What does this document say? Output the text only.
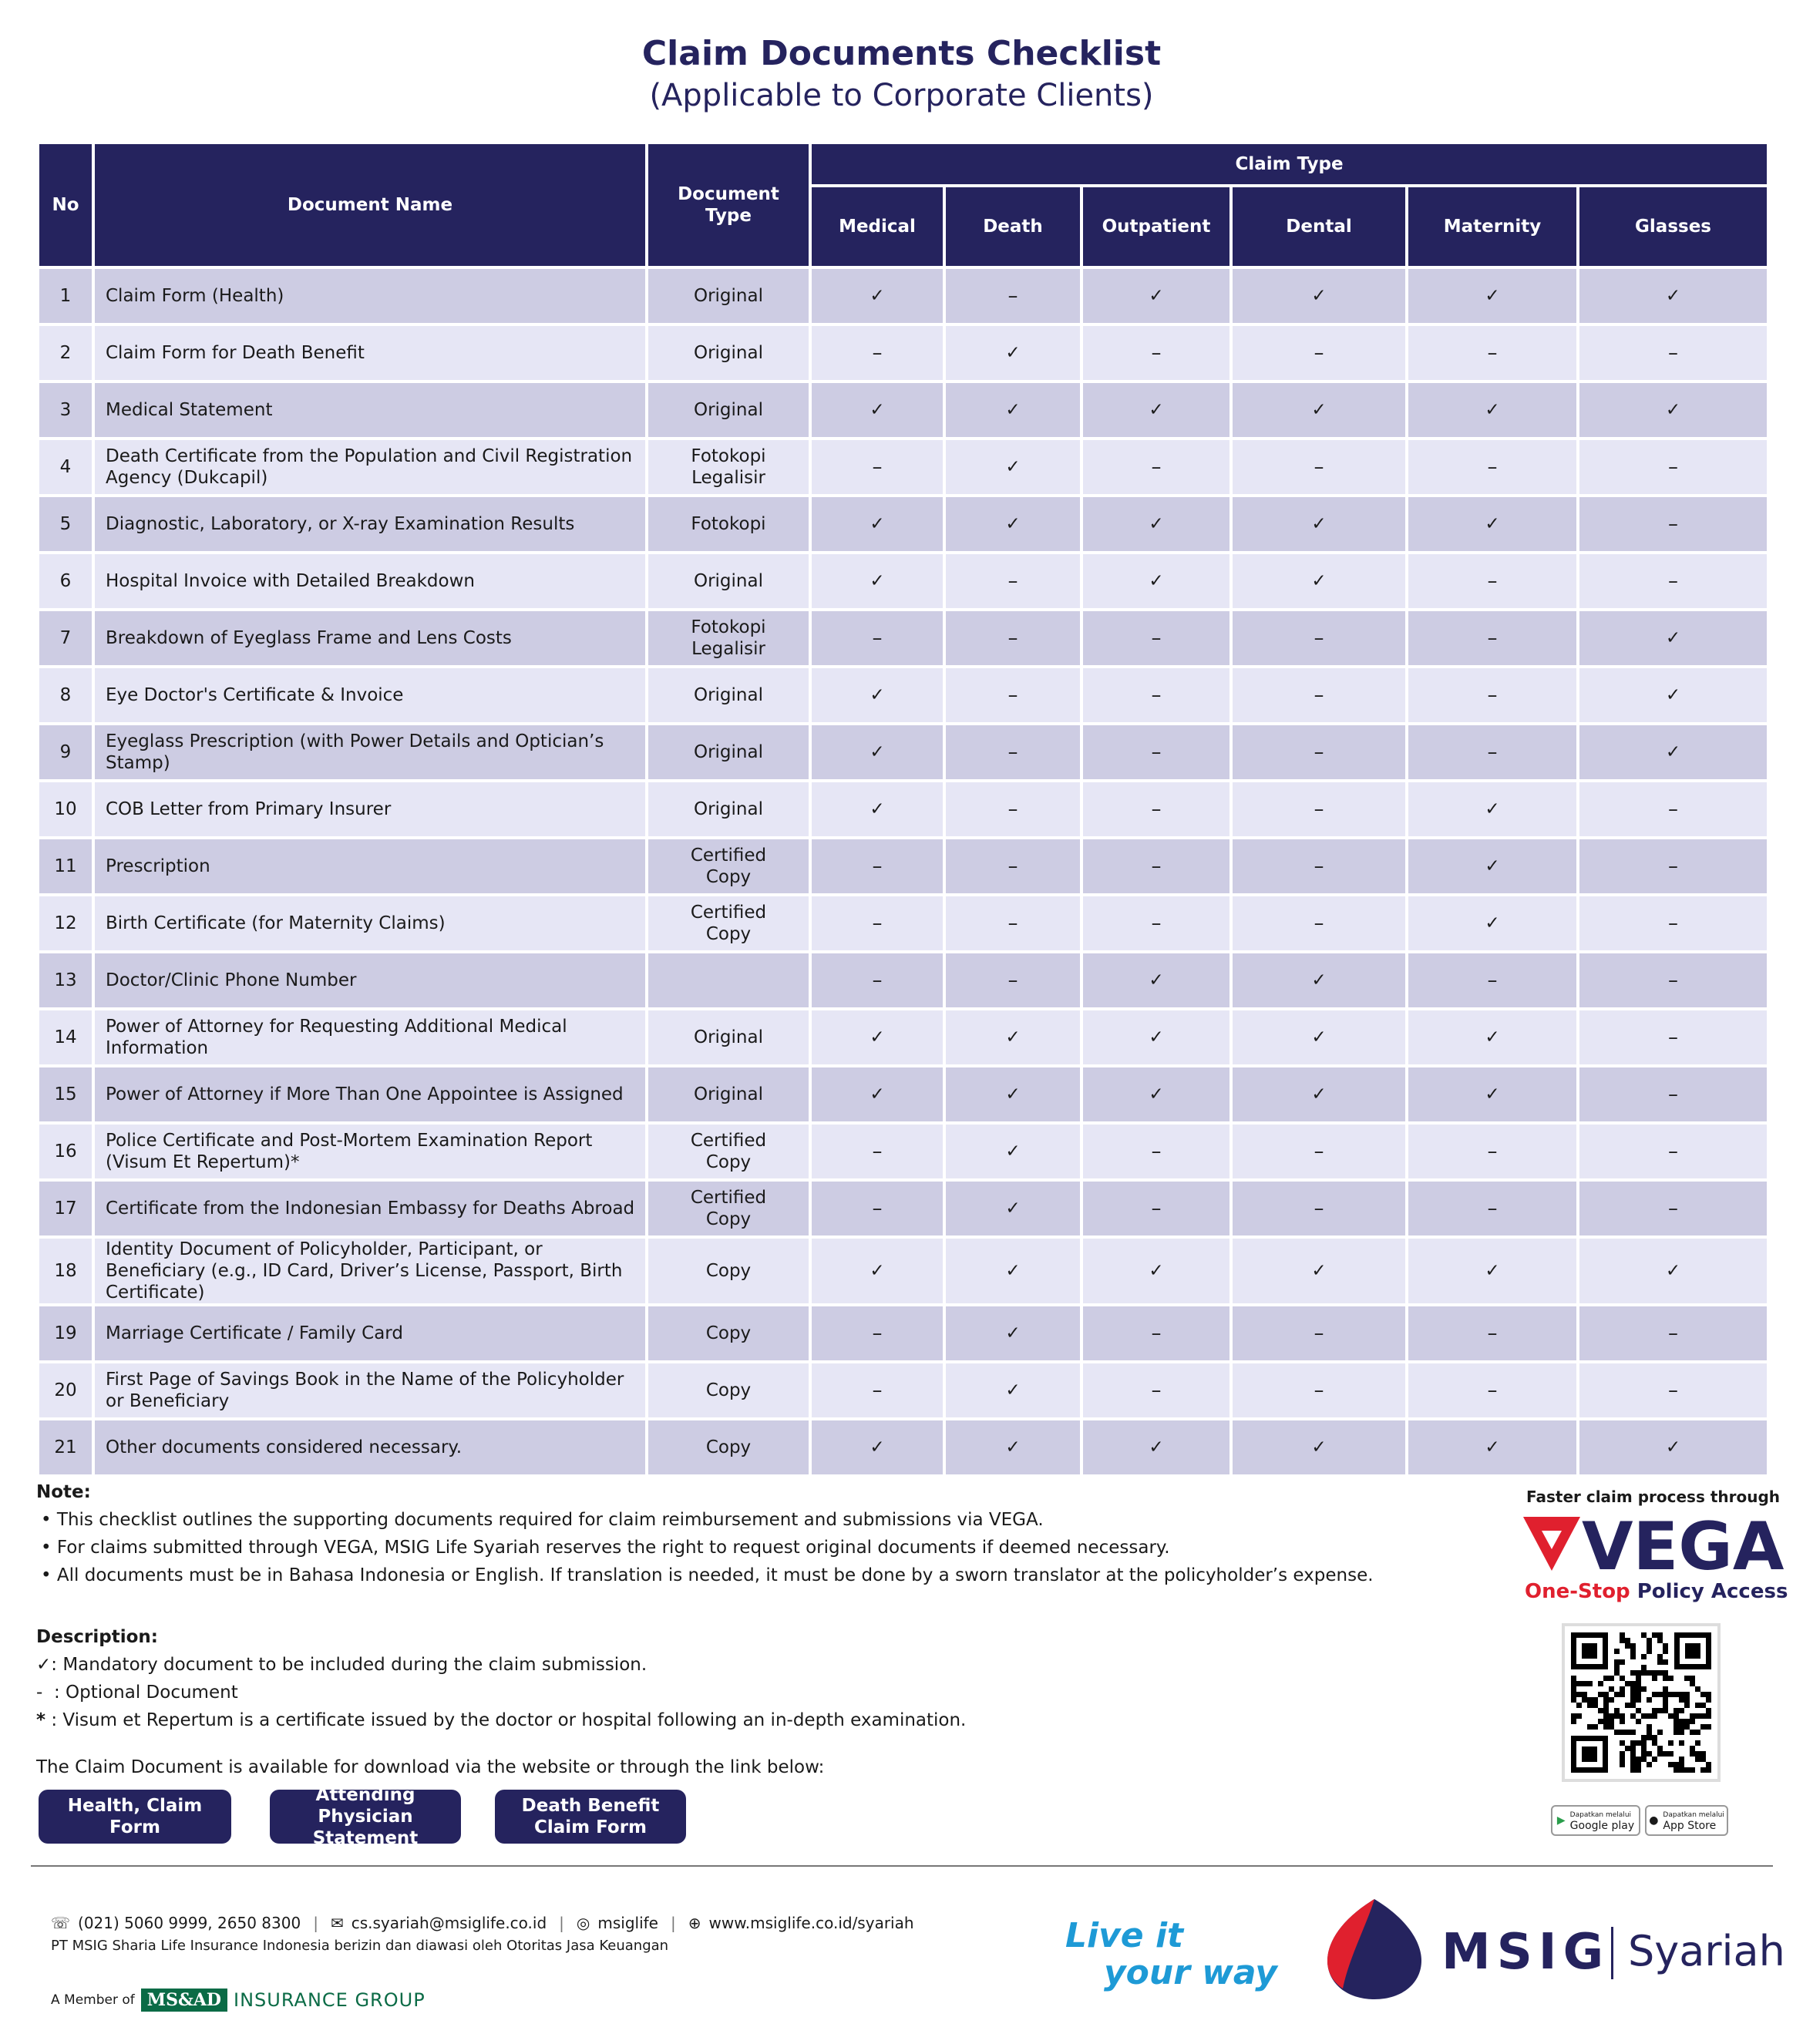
Claim Documents Checklist
(Applicable to Corporate Clients)
No	Document Name	Document Type	Claim Type					
			Medical	Death	Outpatient	Dental	Maternity	Glasses
1	Claim Form (Health)	Original	✓	–	✓	✓	✓	✓
2	Claim Form for Death Benefit	Original	–	✓	–	–	–	–
3	Medical Statement	Original	✓	✓	✓	✓	✓	✓
4	Death Certificate from the Population and Civil Registration Agency (Dukcapil)	Fotokopi Legalisir	–	✓	–	–	–	–
5	Diagnostic, Laboratory, or X-ray Examination Results	Fotokopi	✓	✓	✓	✓	✓	–
6	Hospital Invoice with Detailed Breakdown	Original	✓	–	✓	✓	–	–
7	Breakdown of Eyeglass Frame and Lens Costs	Fotokopi Legalisir	–	–	–	–	–	✓
8	Eye Doctor's Certificate & Invoice	Original	✓	–	–	–	–	✓
9	Eyeglass Prescription (with Power Details and Optician’s Stamp)	Original	✓	–	–	–	–	✓
10	COB Letter from Primary Insurer	Original	✓	–	–	–	✓	–
11	Prescription	Certified Copy	–	–	–	–	✓	–
12	Birth Certificate (for Maternity Claims)	Certified Copy	–	–	–	–	✓	–
13	Doctor/Clinic Phone Number		–	–	✓	✓	–	–
14	Power of Attorney for Requesting Additional Medical Information	Original	✓	✓	✓	✓	✓	–
15	Power of Attorney if More Than One Appointee is Assigned	Original	✓	✓	✓	✓	✓	–
16	Police Certificate and Post-Mortem Examination Report (Visum Et Repertum)*	Certified Copy	–	✓	–	–	–	–
17	Certificate from the Indonesian Embassy for Deaths Abroad	Certified Copy	–	✓	–	–	–	–
18	Identity Document of Policyholder, Participant, or Beneficiary (e.g., ID Card, Driver’s License, Passport, Birth Certificate)	Copy	✓	✓	✓	✓	✓	✓
19	Marriage Certificate / Family Card	Copy	–	✓	–	–	–	–
20	First Page of Savings Book in the Name of the Policyholder or Beneficiary	Copy	–	✓	–	–	–	–
21	Other documents considered necessary.	Copy	✓	✓	✓	✓	✓	✓
Note:
• This checklist outlines the supporting documents required for claim reimbursement and submissions via VEGA.
• For claims submitted through VEGA, MSIG Life Syariah reserves the right to request original documents if deemed necessary.
• All documents must be in Bahasa Indonesia or English. If translation is needed, it must be done by a sworn translator at the policyholder’s expense.
Description:
✓: Mandatory document to be included during the claim submission.
- : Optional Document
* : Visum et Repertum is a certificate issued by the doctor or hospital following an in-depth examination.
The Claim Document is available for download via the website or through the link below:
Health, Claim Form
Attending Physician Statement
Death Benefit Claim Form
Faster claim process through
VEGA
One-Stop Policy Access
▶ Dapatkan melalui
Google play ● Dapatkan melalui
App Store
☏ (021) 5060 9999, 2650 8300 | ✉ cs.syariah@msiglife.co.id | ◎ msiglife | ⊕ www.msiglife.co.id/syariah
PT MSIG Sharia Life Insurance Indonesia berizin dan diawasi oleh Otoritas Jasa Keuangan
A Member of MS&AD INSURANCE GROUP
Live it
your way	MSIG Syariah
